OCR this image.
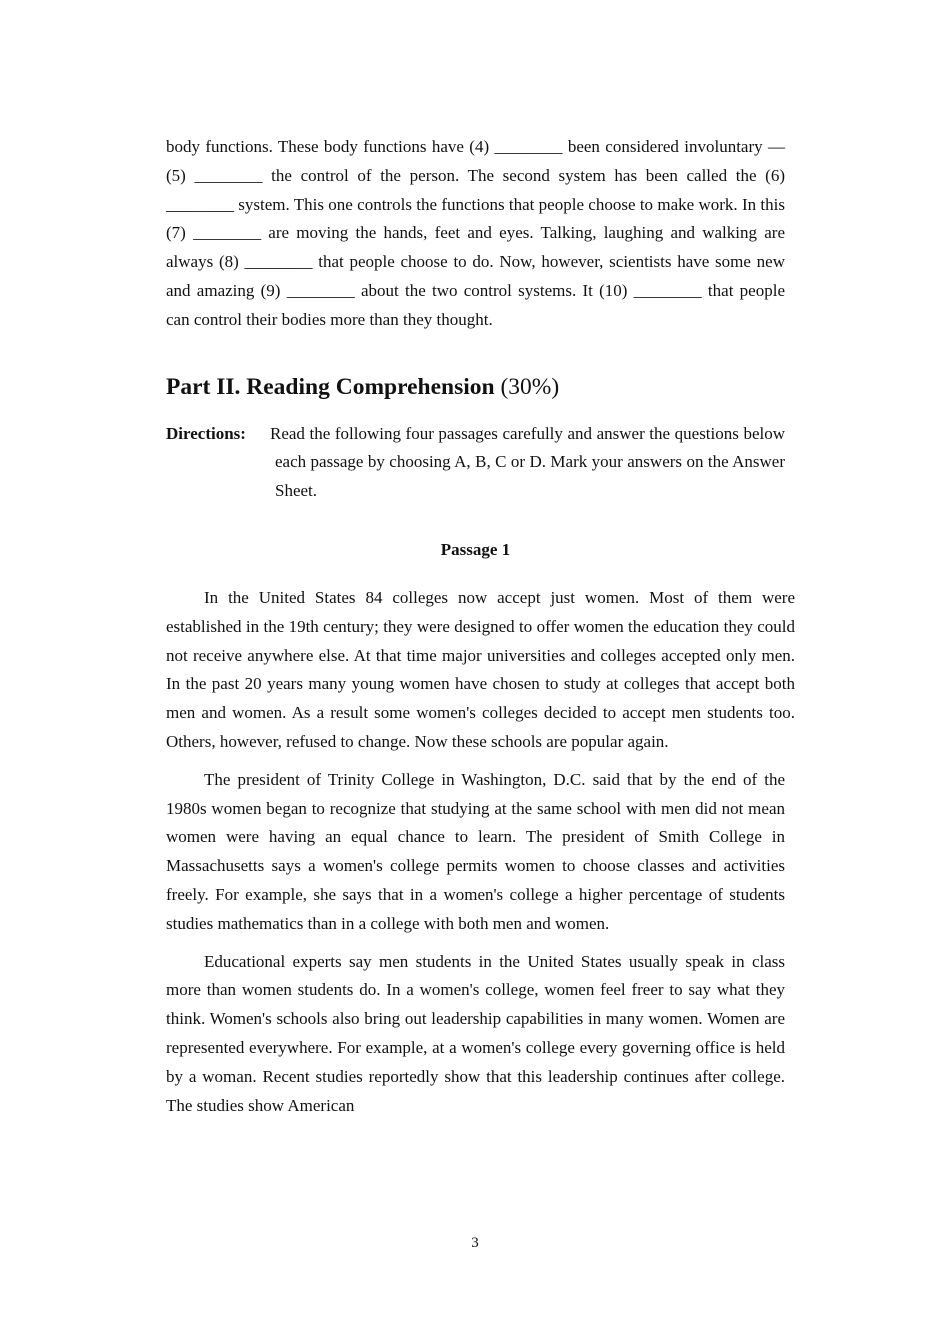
body functions. These body functions have (4) ________ been considered involuntary — (5) ________ the control of the person. The second system has been called the (6) ________ system. This one controls the functions that people choose to make work. In this (7) ________ are moving the hands, feet and eyes. Talking, laughing and walking are always (8) ________ that people choose to do. Now, however, scientists have some new and amazing (9) ________ about the two control systems. It (10) ________ that people can control their bodies more than they thought.

Part II. Reading Comprehension (30%)

Directions: Read the following four passages carefully and answer the questions below each passage by choosing A, B, C or D. Mark your answers on the Answer Sheet.

Passage 1

In the United States 84 colleges now accept just women. Most of them were established in the 19th century; they were designed to offer women the education they could not receive anywhere else. At that time major universities and colleges accepted only men. In the past 20 years many young women have chosen to study at colleges that accept both men and women. As a result some women's colleges decided to accept men students too. Others, however, refused to change. Now these schools are popular again.

The president of Trinity College in Washington, D.C. said that by the end of the 1980s women began to recognize that studying at the same school with men did not mean women were having an equal chance to learn. The president of Smith College in Massachusetts says a women's college permits women to choose classes and activities freely. For example, she says that in a women's college a higher percentage of students studies mathematics than in a college with both men and women.

Educational experts say men students in the United States usually speak in class more than women students do. In a women's college, women feel freer to say what they think. Women's schools also bring out leadership capabilities in many women. Women are represented everywhere. For example, at a women's college every governing office is held by a woman. Recent studies reportedly show that this leadership continues after college. The studies show American

3
